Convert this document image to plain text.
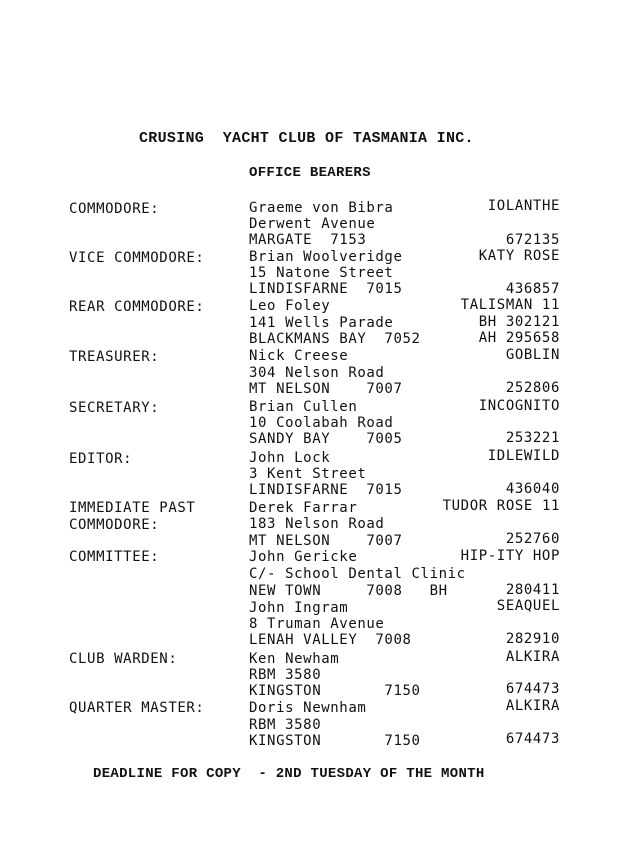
CRUSING  YACHT CLUB OF TASMANIA INC.
OFFICE BEARERS
COMMODORE:
VICE COMMODORE:
REAR COMMODORE:
TREASURER:
SECRETARY:
EDITOR:
IMMEDIATE PAST
COMMODORE:
COMMITTEE:
CLUB WARDEN:
QUARTER MASTER:
Graeme von Bibra
Derwent Avenue
MARGATE  7153
IOLANTHE
672135
Brian Woolveridge
15 Natone Street
LINDISFARNE  7015
KATY ROSE
436857
Leo Foley
141 Wells Parade
BLACKMANS BAY  7052
TALISMAN 11
BH 302121
AH 295658
Nick Creese
304 Nelson Road
MT NELSON    7007
GOBLIN
252806
Brian Cullen
10 Coolabah Road
SANDY BAY    7005
INCOGNITO
253221
John Lock
3 Kent Street
LINDISFARNE  7015
IDLEWILD
436040
Derek Farrar
183 Nelson Road
MT NELSON    7007
TUDOR ROSE 11
252760
John Gericke
C/- School Dental Clinic
NEW TOWN     7008   BH
HIP-ITY HOP
280411
John Ingram
8 Truman Avenue
LENAH VALLEY  7008
SEAQUEL
282910
Ken Newham
RBM 3580
KINGSTON       7150
ALKIRA
674473
Doris Newnham
RBM 3580
KINGSTON       7150
ALKIRA
674473
DEADLINE FOR COPY  - 2ND TUESDAY OF THE MONTH
